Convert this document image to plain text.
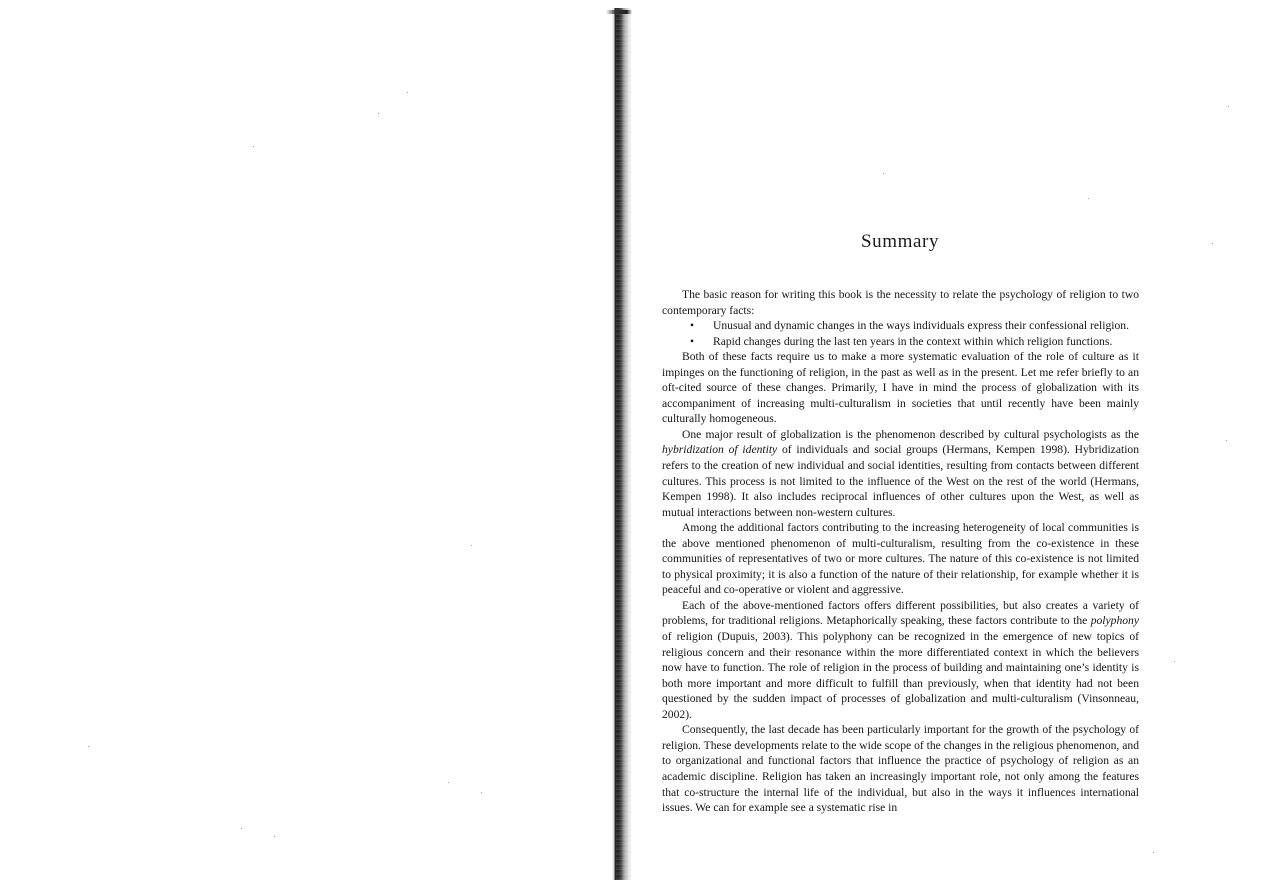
Summary

The basic reason for writing this book is the necessity to relate the psychology of religion to two contemporary facts:

• Unusual and dynamic changes in the ways individuals express their confessional religion.
• Rapid changes during the last ten years in the context within which religion functions.

Both of these facts require us to make a more systematic evaluation of the role of culture as it impinges on the functioning of religion, in the past as well as in the present. Let me refer briefly to an oft-cited source of these changes. Primarily, I have in mind the process of globalization with its accompaniment of increasing multi-culturalism in societies that until recently have been mainly culturally homogeneous.

One major result of globalization is the phenomenon described by cultural psychologists as the hybridization of identity of individuals and social groups (Hermans, Kempen 1998). Hybridization refers to the creation of new individual and social identities, resulting from contacts between different cultures. This process is not limited to the influence of the West on the rest of the world (Hermans, Kempen 1998). It also includes reciprocal influences of other cultures upon the West, as well as mutual interactions between non-western cultures.

Among the additional factors contributing to the increasing heterogeneity of local communities is the above mentioned phenomenon of multi-culturalism, resulting from the co-existence in these communities of representatives of two or more cultures. The nature of this co-existence is not limited to physical proximity; it is also a function of the nature of their relationship, for example whether it is peaceful and co-operative or violent and aggressive.

Each of the above-mentioned factors offers different possibilities, but also creates a variety of problems, for traditional religions. Metaphorically speaking, these factors contribute to the polyphony of religion (Dupuis, 2003). This polyphony can be recognized in the emergence of new topics of religious concern and their resonance within the more differentiated context in which the believers now have to function. The role of religion in the process of building and maintaining one’s identity is both more important and more difficult to fulfill than previously, when that identity had not been questioned by the sudden impact of processes of globalization and multi-culturalism (Vinsonneau, 2002).

Consequently, the last decade has been particularly important for the growth of the psychology of religion. These developments relate to the wide scope of the changes in the religious phenomenon, and to organizational and functional factors that influence the practice of psychology of religion as an academic discipline. Religion has taken an increasingly important role, not only among the features that co-structure the internal life of the individual, but also in the ways it influences international issues. We can for example see a systematic rise in
